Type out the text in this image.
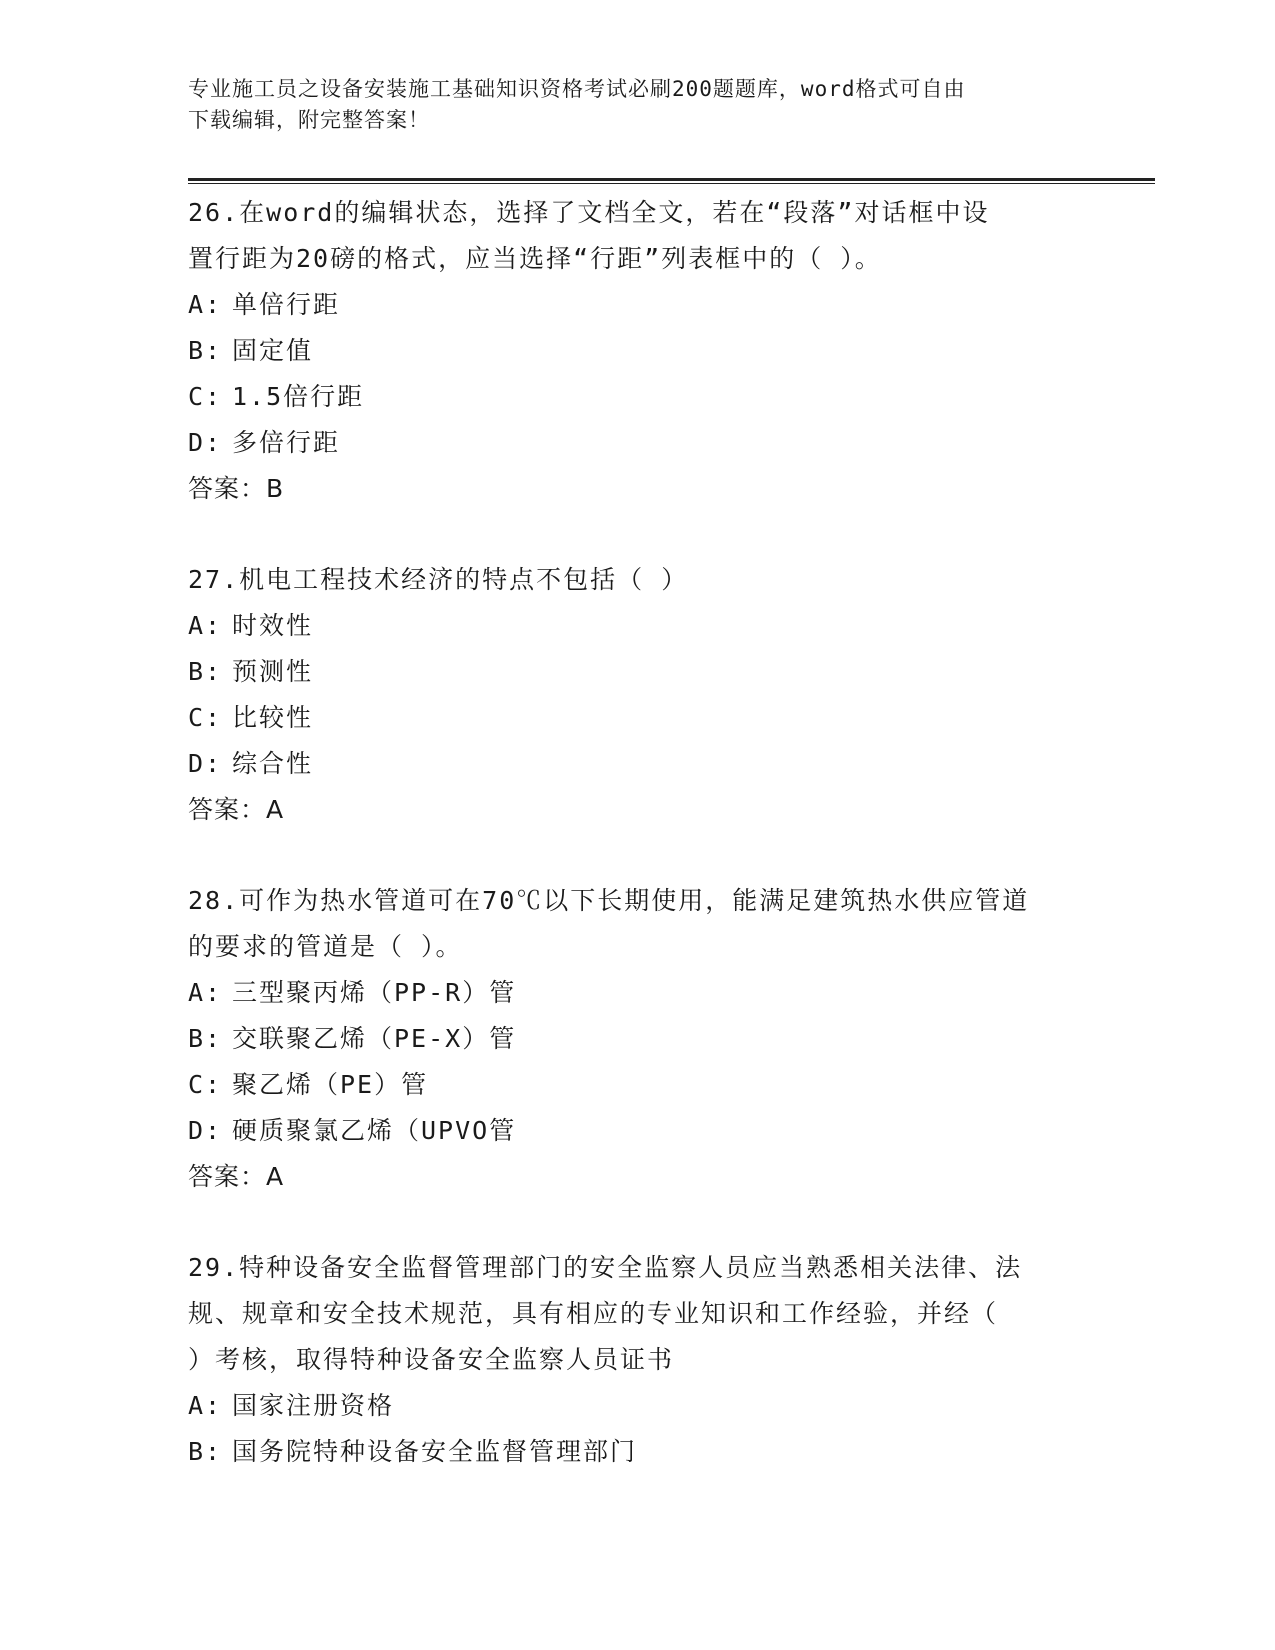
专业施工员之设备安装施工基础知识资格考试必刷200题题库，word格式可自由
下载编辑，附完整答案！
26.在word的编辑状态，选择了文档全文，若在“段落”对话框中设
置行距为20磅的格式，应当选择“行距”列表框中的（ ）。
A: 单倍行距
B: 固定值
C: 1.5倍行距
D: 多倍行距
答案：B
27.机电工程技术经济的特点不包括（ ）
A: 时效性
B: 预测性
C: 比较性
D: 综合性
答案：A
28.可作为热水管道可在70℃以下长期使用，能满足建筑热水供应管道
的要求的管道是（ ）。
A: 三型聚丙烯（PP-R）管
B: 交联聚乙烯（PE-X）管
C: 聚乙烯（PE）管
D: 硬质聚氯乙烯（UPVO管
答案：A
29.特种设备安全监督管理部门的安全监察人员应当熟悉相关法律、法
规、规章和安全技术规范，具有相应的专业知识和工作经验，并经（
）考核，取得特种设备安全监察人员证书
A: 国家注册资格
B: 国务院特种设备安全监督管理部门
